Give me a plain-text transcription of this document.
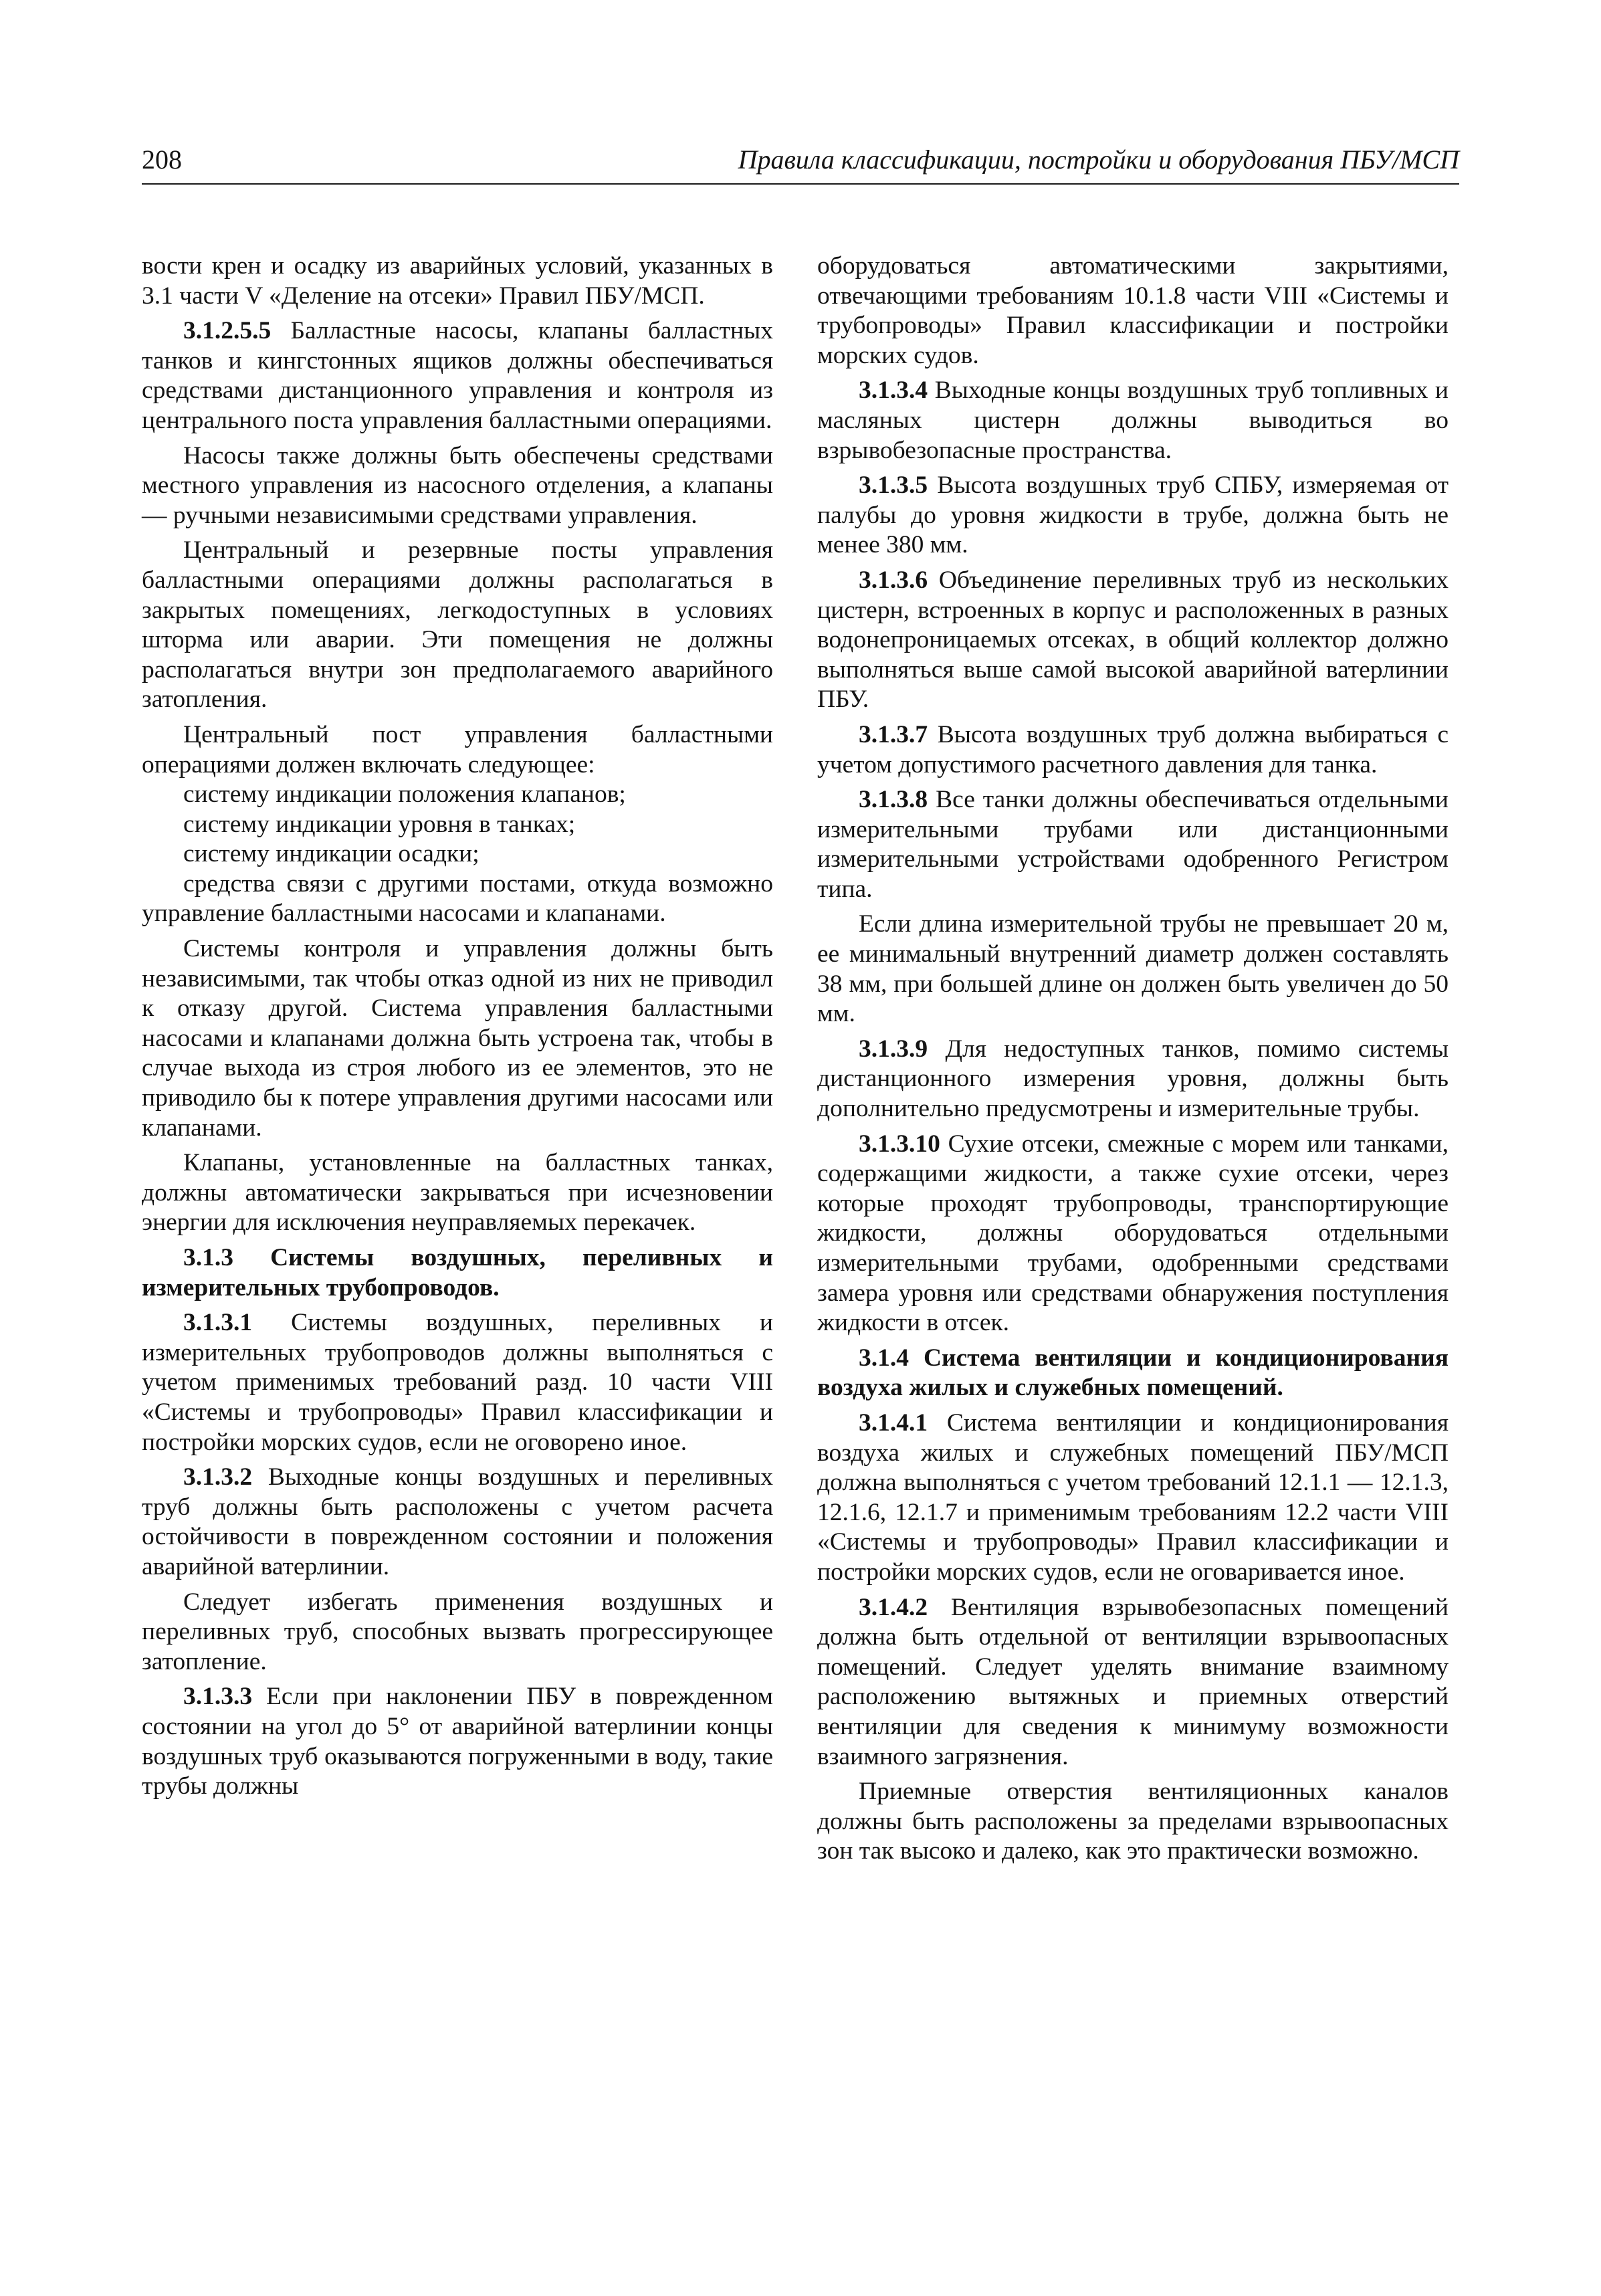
208	Правила классификации, постройки и оборудования ПБУ/МСП

вости крен и осадку из аварийных условий, указанных в 3.1 части V «Деление на отсеки» Правил ПБУ/МСП.

3.1.2.5.5 Балластные насосы, клапаны балластных танков и кингстонных ящиков должны обеспечиваться средствами дистанционного управления и контроля из центрального поста управления балластными операциями.

Насосы также должны быть обеспечены средствами местного управления из насосного отделения, а клапаны — ручными независимыми средствами управления.

Центральный и резервные посты управления балластными операциями должны располагаться в закрытых помещениях, легкодоступных в условиях шторма или аварии. Эти помещения не должны располагаться внутри зон предполагаемого аварийного затопления.

Центральный пост управления балластными операциями должен включать следующее:

систему индикации положения клапанов;

систему индикации уровня в танках;

систему индикации осадки;

средства связи с другими постами, откуда возможно управление балластными насосами и клапанами.

Системы контроля и управления должны быть независимыми, так чтобы отказ одной из них не приводил к отказу другой. Система управления балластными насосами и клапанами должна быть устроена так, чтобы в случае выхода из строя любого из ее элементов, это не приводило бы к потере управления другими насосами или клапанами.

Клапаны, установленные на балластных танках, должны автоматически закрываться при исчезновении энергии для исключения неуправляемых перекачек.

3.1.3 Системы воздушных, переливных и измерительных трубопроводов.

3.1.3.1 Системы воздушных, переливных и измерительных трубопроводов должны выполняться с учетом применимых требований разд. 10 части VIII «Системы и трубопроводы» Правил классификации и постройки морских судов, если не оговорено иное.

3.1.3.2 Выходные концы воздушных и переливных труб должны быть расположены с учетом расчета остойчивости в поврежденном состоянии и положения аварийной ватерлинии.

Следует избегать применения воздушных и переливных труб, способных вызвать прогрессирующее затопление.

3.1.3.3 Если при наклонении ПБУ в поврежденном состоянии на угол до 5° от аварийной ватерлинии концы воздушных труб оказываются погруженными в воду, такие трубы должны

оборудоваться автоматическими закрытиями, отвечающими требованиям 10.1.8 части VIII «Системы и трубопроводы» Правил классификации и постройки морских судов.

3.1.3.4 Выходные концы воздушных труб топливных и масляных цистерн должны выводиться во взрывобезопасные пространства.

3.1.3.5 Высота воздушных труб СПБУ, измеряемая от палубы до уровня жидкости в трубе, должна быть не менее 380 мм.

3.1.3.6 Объединение переливных труб из нескольких цистерн, встроенных в корпус и расположенных в разных водонепроницаемых отсеках, в общий коллектор должно выполняться выше самой высокой аварийной ватерлинии ПБУ.

3.1.3.7 Высота воздушных труб должна выбираться с учетом допустимого расчетного давления для танка.

3.1.3.8 Все танки должны обеспечиваться отдельными измерительными трубами или дистанционными измерительными устройствами одобренного Регистром типа.

Если длина измерительной трубы не превышает 20 м, ее минимальный внутренний диаметр должен составлять 38 мм, при большей длине он должен быть увеличен до 50 мм.

3.1.3.9 Для недоступных танков, помимо системы дистанционного измерения уровня, должны быть дополнительно предусмотрены и измерительные трубы.

3.1.3.10 Сухие отсеки, смежные с морем или танками, содержащими жидкости, а также сухие отсеки, через которые проходят трубопроводы, транспортирующие жидкости, должны оборудоваться отдельными измерительными трубами, одобренными средствами замера уровня или средствами обнаружения поступления жидкости в отсек.

3.1.4 Система вентиляции и кондиционирования воздуха жилых и служебных помещений.

3.1.4.1 Система вентиляции и кондиционирования воздуха жилых и служебных помещений ПБУ/МСП должна выполняться с учетом требований 12.1.1 — 12.1.3, 12.1.6, 12.1.7 и применимым требованиям 12.2 части VIII «Системы и трубопроводы» Правил классификации и постройки морских судов, если не оговаривается иное.

3.1.4.2 Вентиляция взрывобезопасных помещений должна быть отдельной от вентиляции взрывоопасных помещений. Следует уделять внимание взаимному расположению вытяжных и приемных отверстий вентиляции для сведения к минимуму возможности взаимного загрязнения.

Приемные отверстия вентиляционных каналов должны быть расположены за пределами взрывоопасных зон так высоко и далеко, как это практически возможно.
